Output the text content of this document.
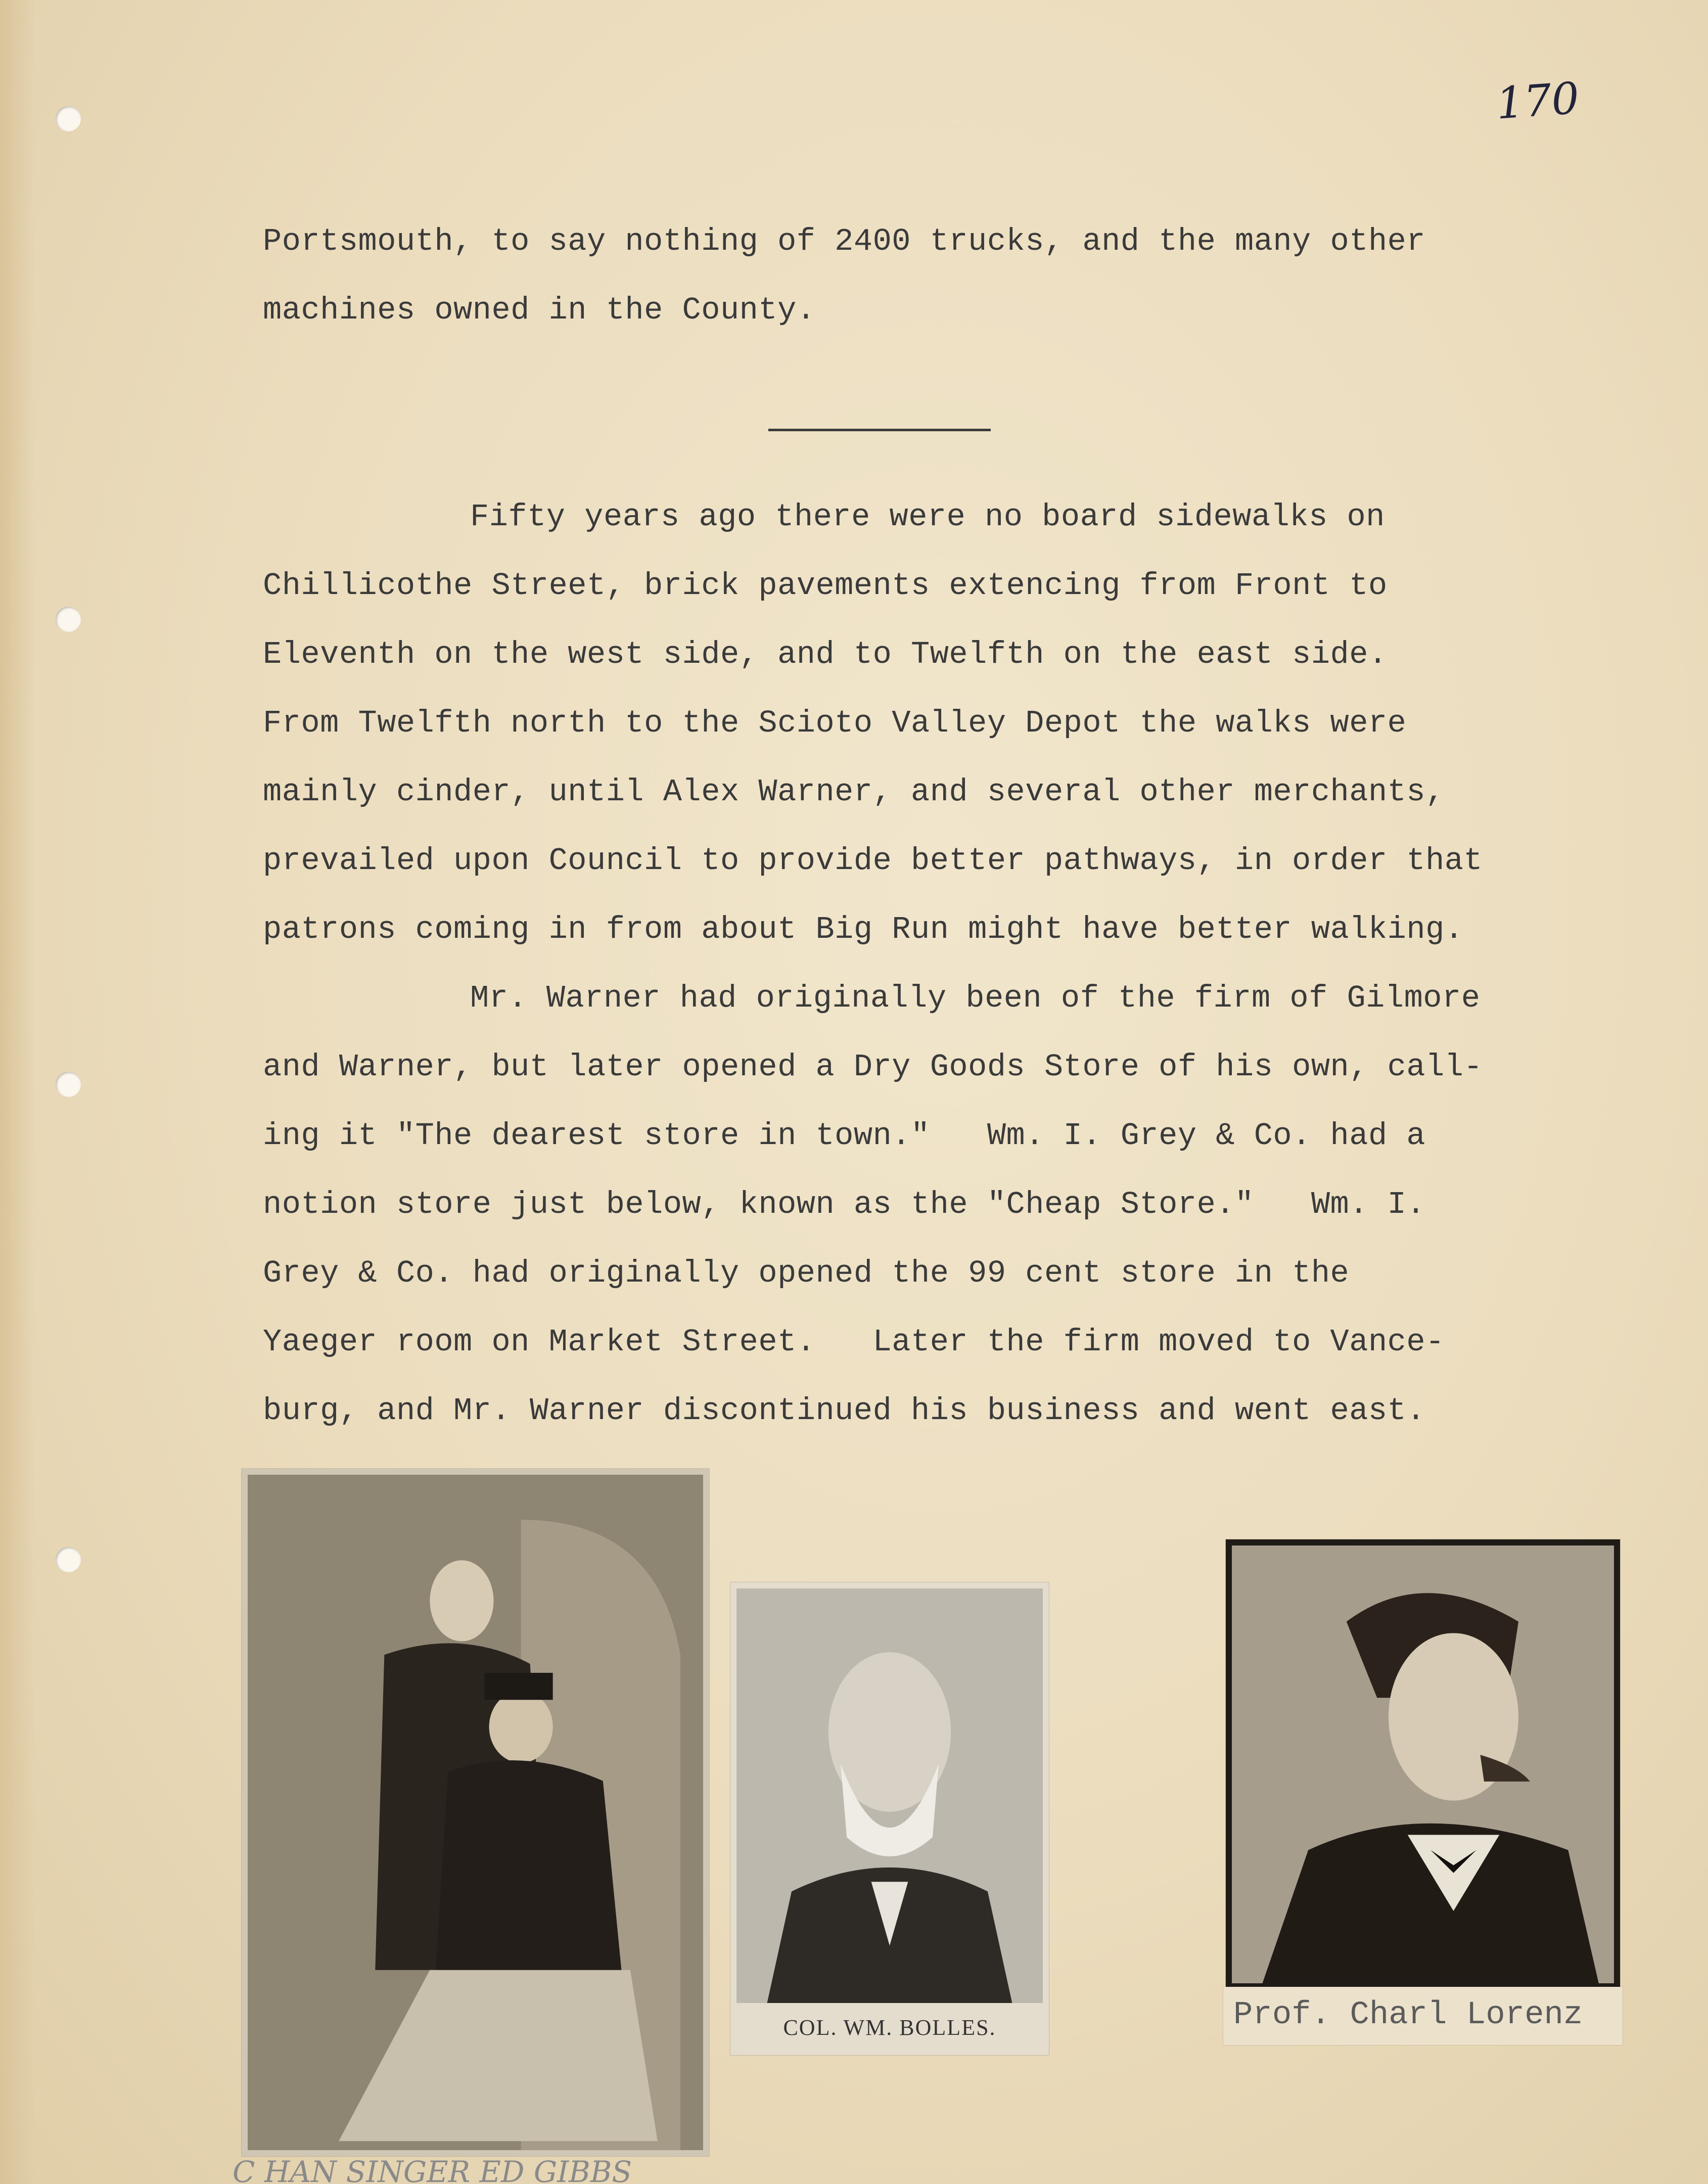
170
Portsmouth, to say nothing of 2400 trucks, and the many other
machines owned in the County.
Fifty years ago there were no board sidewalks on
Chillicothe Street, brick pavements extencing from Front to
Eleventh on the west side, and to Twelfth on the east side.
From Twelfth north to the Scioto Valley Depot the walks were
mainly cinder, until Alex Warner, and several other merchants,
prevailed upon Council to provide better pathways, in order that
patrons coming in from about Big Run might have better walking.
Mr. Warner had originally been of the firm of Gilmore
and Warner, but later opened a Dry Goods Store of his own, call-
ing it "The dearest store in town."   Wm. I. Grey & Co. had a
notion store just below, known as the "Cheap Store."   Wm. I.
Grey & Co. had originally opened the 99 cent store in the
Yaeger room on Market Street.   Later the firm moved to Vance-
burg, and Mr. Warner discontinued his business and went east.
COL. WM. BOLLES.	Prof. Charl Lorenz
C HAN SINGER ED GIBBS
